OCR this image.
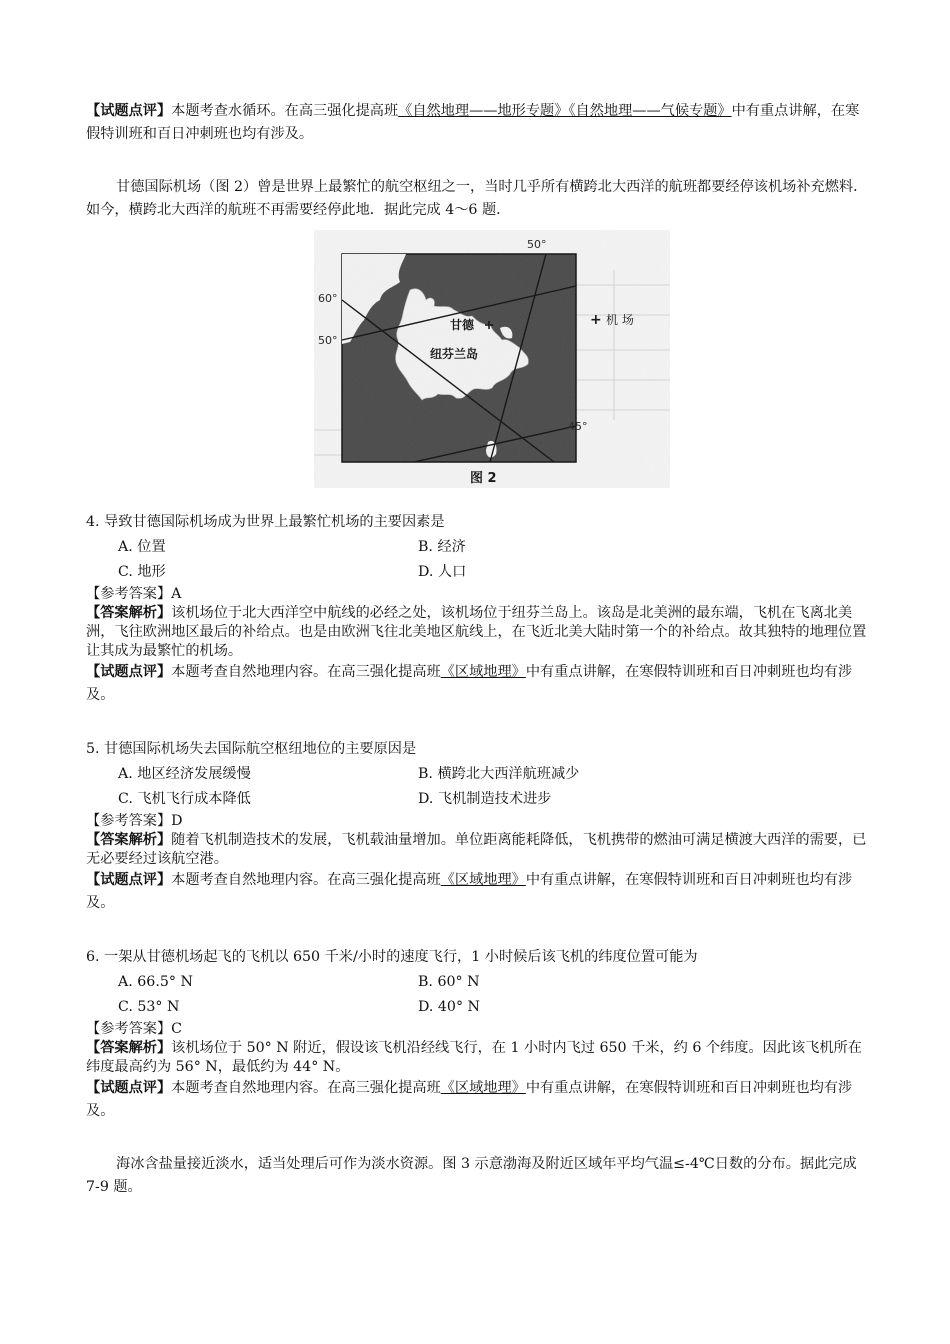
【试题点评】本题考查水循环。在高三强化提高班《自然地理——地形专题》《自然地理——气候专题》中有重点讲解，在寒假特训班和百日冲刺班也均有涉及。

甘德国际机场（图 2）曾是世界上最繁忙的航空枢纽之一，当时几乎所有横跨北大西洋的航班都要经停该机场补充燃料．如今，横跨北大西洋的航班不再需要经停此地．据此完成 4～6 题．

50°
60°
50°
45°
甘德
纽芬兰岛
+ 机 场
图 2

4. 导致甘德国际机场成为世界上最繁忙机场的主要因素是

A. 位置	B. 经济
C. 地形	D. 人口

【参考答案】A

【答案解析】该机场位于北大西洋空中航线的必经之处，该机场位于纽芬兰岛上。该岛是北美洲的最东端，飞机在飞离北美洲，飞往欧洲地区最后的补给点。也是由欧洲飞往北美地区航线上，在飞近北美大陆时第一个的补给点。故其独特的地理位置让其成为最繁忙的机场。

【试题点评】本题考查自然地理内容。在高三强化提高班《区域地理》中有重点讲解，在寒假特训班和百日冲刺班也均有涉及。

5. 甘德国际机场失去国际航空枢纽地位的主要原因是

A. 地区经济发展缓慢	B. 横跨北大西洋航班减少
C. 飞机飞行成本降低	D. 飞机制造技术进步

【参考答案】D

【答案解析】随着飞机制造技术的发展，飞机载油量增加。单位距离能耗降低，飞机携带的燃油可满足横渡大西洋的需要，已无必要经过该航空港。

【试题点评】本题考查自然地理内容。在高三强化提高班《区域地理》中有重点讲解，在寒假特训班和百日冲刺班也均有涉及。

6. 一架从甘德机场起飞的飞机以 650 千米/小时的速度飞行，1 小时候后该飞机的纬度位置可能为

A. 66.5° N	B. 60° N
C. 53° N	D. 40° N

【参考答案】C

【答案解析】该机场位于 50° N 附近，假设该飞机沿经线飞行，在 1 小时内飞过 650 千米，约 6 个纬度。因此该飞机所在纬度最高约为 56° N，最低约为 44° N。

【试题点评】本题考查自然地理内容。在高三强化提高班《区域地理》中有重点讲解，在寒假特训班和百日冲刺班也均有涉及。

海冰含盐量接近淡水，适当处理后可作为淡水资源。图 3 示意渤海及附近区域年平均气温≤-4℃日数的分布。据此完成 7-9 题。
